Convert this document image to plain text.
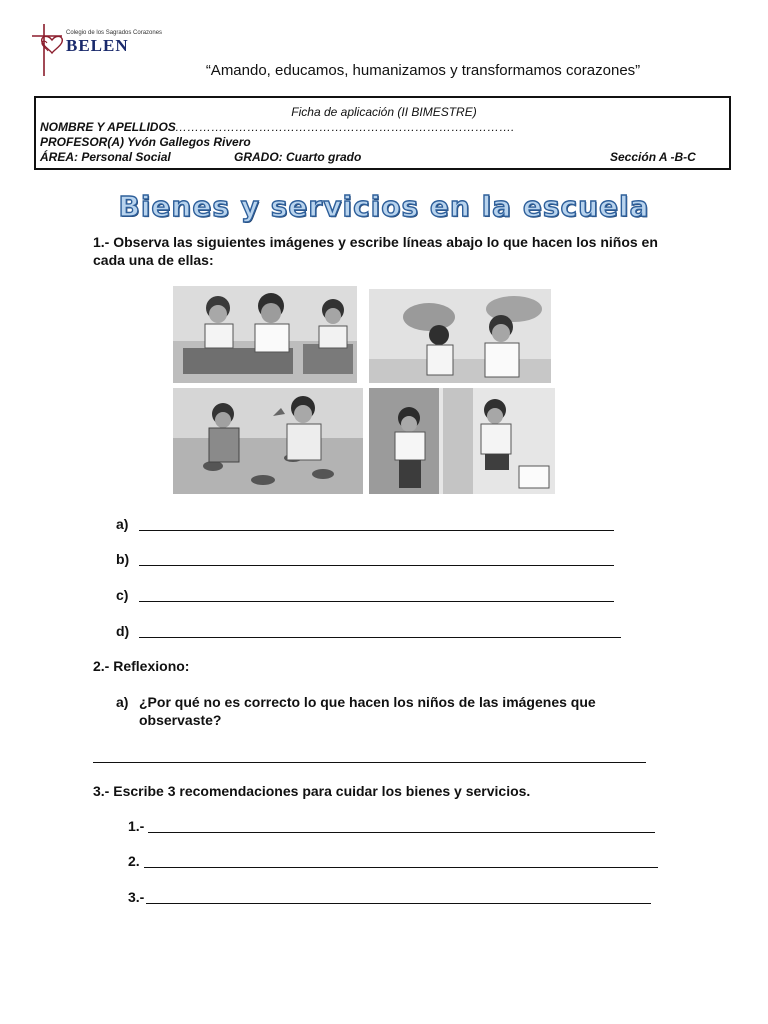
Colegio de los Sagrados Corazones
BELEN
“Amando, educamos, humanizamos y transformamos corazones”
Ficha de aplicación (II BIMESTRE)
NOMBRE Y APELLIDOS ………………………………………………………………………….
PROFESOR(A) Yvón Gallegos Rivero
ÁREA: Personal Social	GRADO: Cuarto grado	Sección A -B-C
Bienes y servicios en la escuela
1.- Observa las siguientes imágenes y escribe líneas abajo lo que hacen los niños en cada una de ellas:
a)
b)
c)
d)
2.- Reflexiono:
a) ¿Por qué no es correcto lo que hacen los niños de las imágenes que observaste?
3.- Escribe 3 recomendaciones para cuidar los bienes y servicios.
1.-
2.
3.-
